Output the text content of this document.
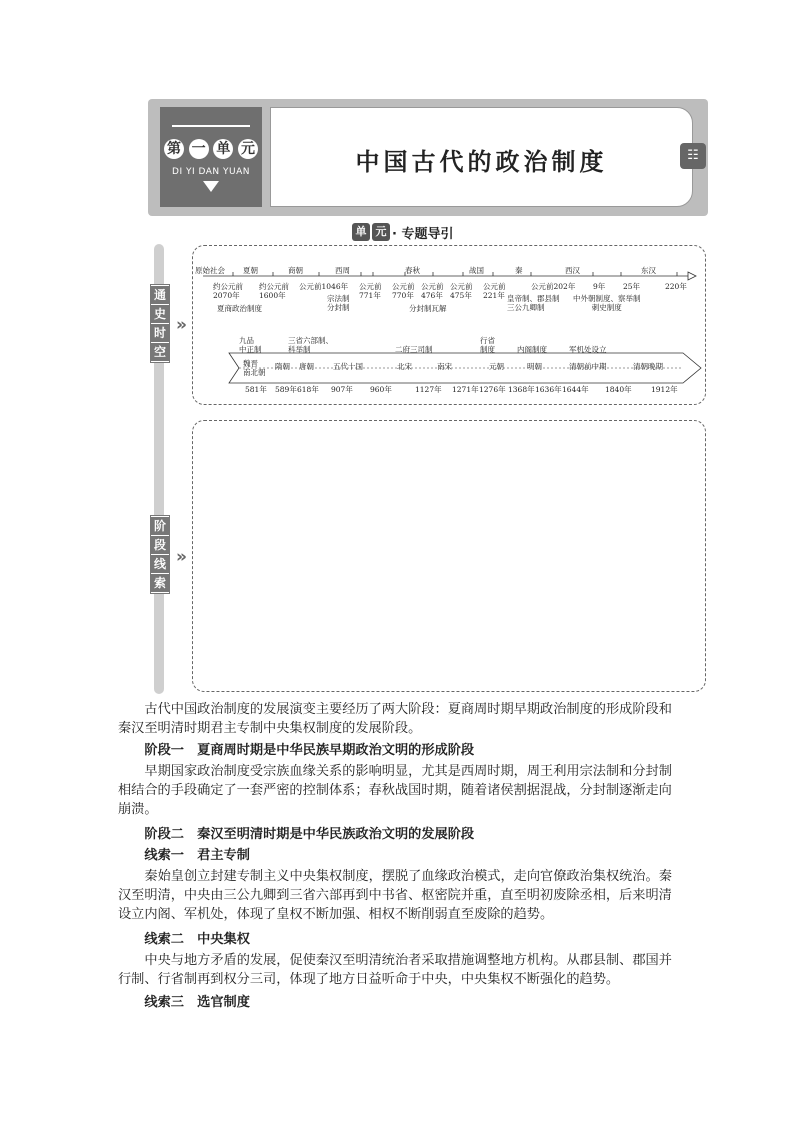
第 一 单 元
DI YI DAN YUAN	中国古代的政治制度	☷
单 元 · 专题导引
通
史
时
空
»
阶
段
线
索
»
原始社会 夏朝	商朝	西周	春秋	战国	秦	西汉	东汉
约公元前
2070年
约公元前
1600年
公元前1046年 公元前
771年
公元前
770年
公元前
476年
公元前
475年
公元前
221年
公元前202年 9年 25年	220年
夏商政治制度
宗法制
分封制	分封制瓦解
皇帝制、郡县制
三公九卿制
中外朝制度、察举制
刺史制度
九品
中正制
三省六部制、
科举制	二府三司制
行省
制度	内阁制度	军机处设立
魏晋
南北朝
隋朝 唐朝	五代十国	北宋	南宋	元朝	明朝	清朝前中期	清朝晚期
581年 589年 618年 907年 960年	1127年 1271年 1276年 1368年 1636年 1644年 1840年	1912年
古代中国政治制度的发展演变主要经历了两大阶段：夏商周时期早期政治制度的形成阶段和秦汉至明清时期君主专制中央集权制度的发展阶段。
阶段一　夏商周时期是中华民族早期政治文明的形成阶段
早期国家政治制度受宗族血缘关系的影响明显，尤其是西周时期，周王利用宗法制和分封制相结合的手段确定了一套严密的控制体系；春秋战国时期，随着诸侯割据混战，分封制逐渐走向崩溃。
阶段二　秦汉至明清时期是中华民族政治文明的发展阶段
线索一　君主专制
秦始皇创立封建专制主义中央集权制度，摆脱了血缘政治模式，走向官僚政治集权统治。秦汉至明清，中央由三公九卿到三省六部再到中书省、枢密院并重，直至明初废除丞相，后来明清设立内阁、军机处，体现了皇权不断加强、相权不断削弱直至废除的趋势。
线索二　中央集权
中央与地方矛盾的发展，促使秦汉至明清统治者采取措施调整地方机构。从郡县制、郡国并行制、行省制再到权分三司，体现了地方日益听命于中央，中央集权不断强化的趋势。
线索三　选官制度
